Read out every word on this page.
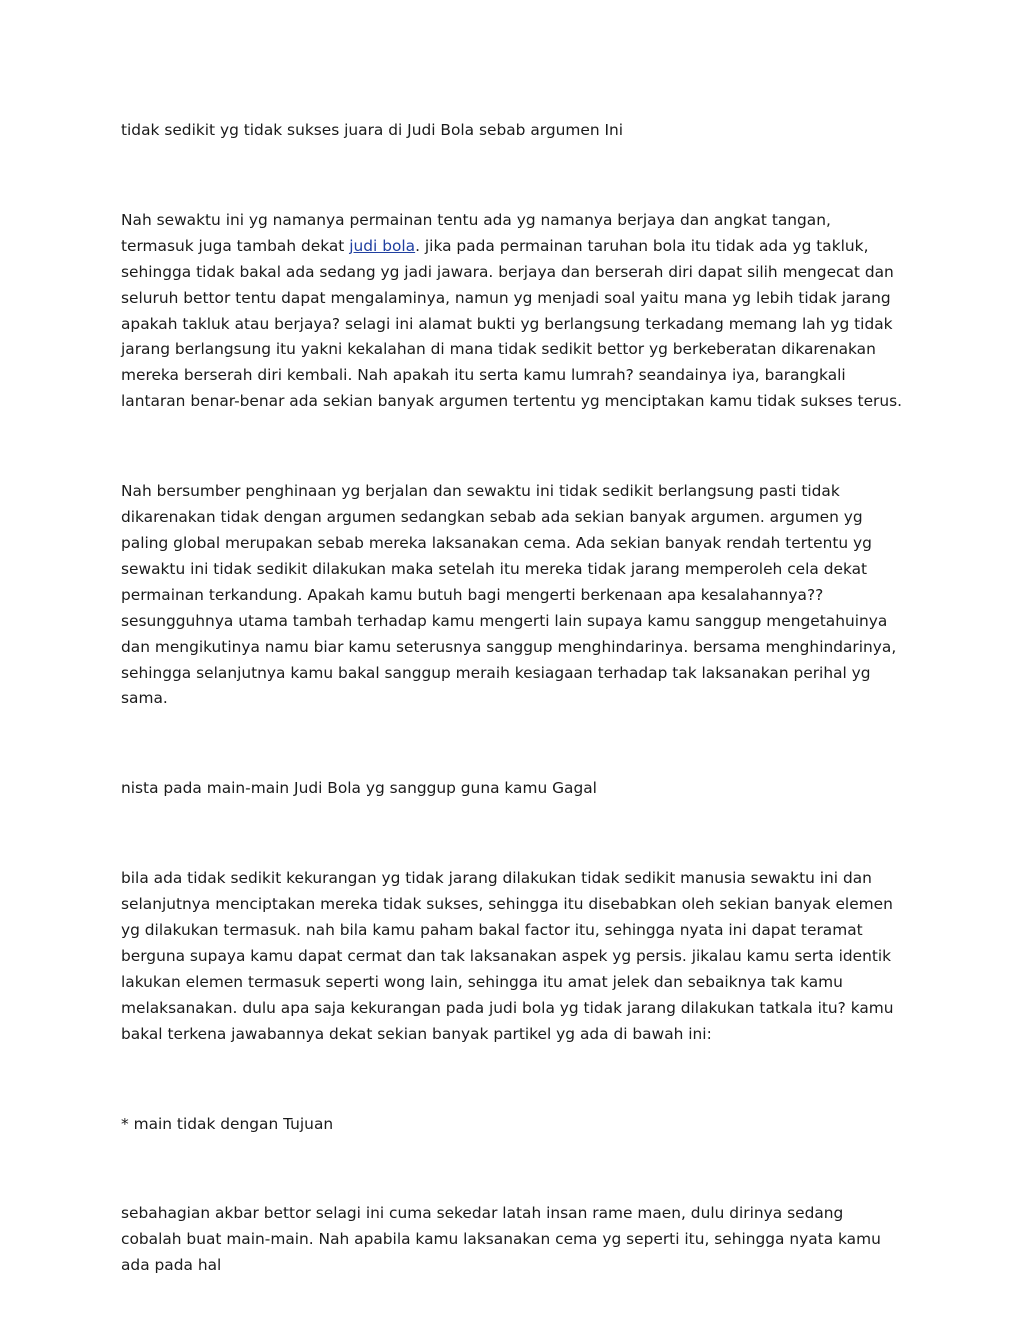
tidak sedikit yg tidak sukses juara di Judi Bola sebab argumen Ini

Nah sewaktu ini yg namanya permainan tentu ada yg namanya berjaya dan angkat tangan, termasuk juga tambah dekat judi bola. jika pada permainan taruhan bola itu tidak ada yg takluk, sehingga tidak bakal ada sedang yg jadi jawara. berjaya dan berserah diri dapat silih mengecat dan seluruh bettor tentu dapat mengalaminya, namun yg menjadi soal yaitu mana yg lebih tidak jarang apakah takluk atau berjaya? selagi ini alamat bukti yg berlangsung terkadang memang lah yg tidak jarang berlangsung itu yakni kekalahan di mana tidak sedikit bettor yg berkeberatan dikarenakan mereka berserah diri kembali. Nah apakah itu serta kamu lumrah? seandainya iya, barangkali lantaran benar-benar ada sekian banyak argumen tertentu yg menciptakan kamu tidak sukses terus.

Nah bersumber penghinaan yg berjalan dan sewaktu ini tidak sedikit berlangsung pasti tidak dikarenakan tidak dengan argumen sedangkan sebab ada sekian banyak argumen. argumen yg paling global merupakan sebab mereka laksanakan cema. Ada sekian banyak rendah tertentu yg sewaktu ini tidak sedikit dilakukan maka setelah itu mereka tidak jarang memperoleh cela dekat permainan terkandung. Apakah kamu butuh bagi mengerti berkenaan apa kesalahannya?? sesungguhnya utama tambah terhadap kamu mengerti lain supaya kamu sanggup mengetahuinya dan mengikutinya namu biar kamu seterusnya sanggup menghindarinya. bersama menghindarinya, sehingga selanjutnya kamu bakal sanggup meraih kesiagaan terhadap tak laksanakan perihal yg sama.

nista pada main-main Judi Bola yg sanggup guna kamu Gagal

bila ada tidak sedikit kekurangan yg tidak jarang dilakukan tidak sedikit manusia sewaktu ini dan selanjutnya menciptakan mereka tidak sukses, sehingga itu disebabkan oleh sekian banyak elemen yg dilakukan termasuk. nah bila kamu paham bakal factor itu, sehingga nyata ini dapat teramat berguna supaya kamu dapat cermat dan tak laksanakan aspek yg persis. jikalau kamu serta identik lakukan elemen termasuk seperti wong lain, sehingga itu amat jelek dan sebaiknya tak kamu melaksanakan. dulu apa saja kekurangan pada judi bola yg tidak jarang dilakukan tatkala itu? kamu bakal terkena jawabannya dekat sekian banyak partikel yg ada di bawah ini:

* main tidak dengan Tujuan

sebahagian akbar bettor selagi ini cuma sekedar latah insan rame maen, dulu dirinya sedang cobalah buat main-main. Nah apabila kamu laksanakan cema yg seperti itu, sehingga nyata kamu ada pada hal
